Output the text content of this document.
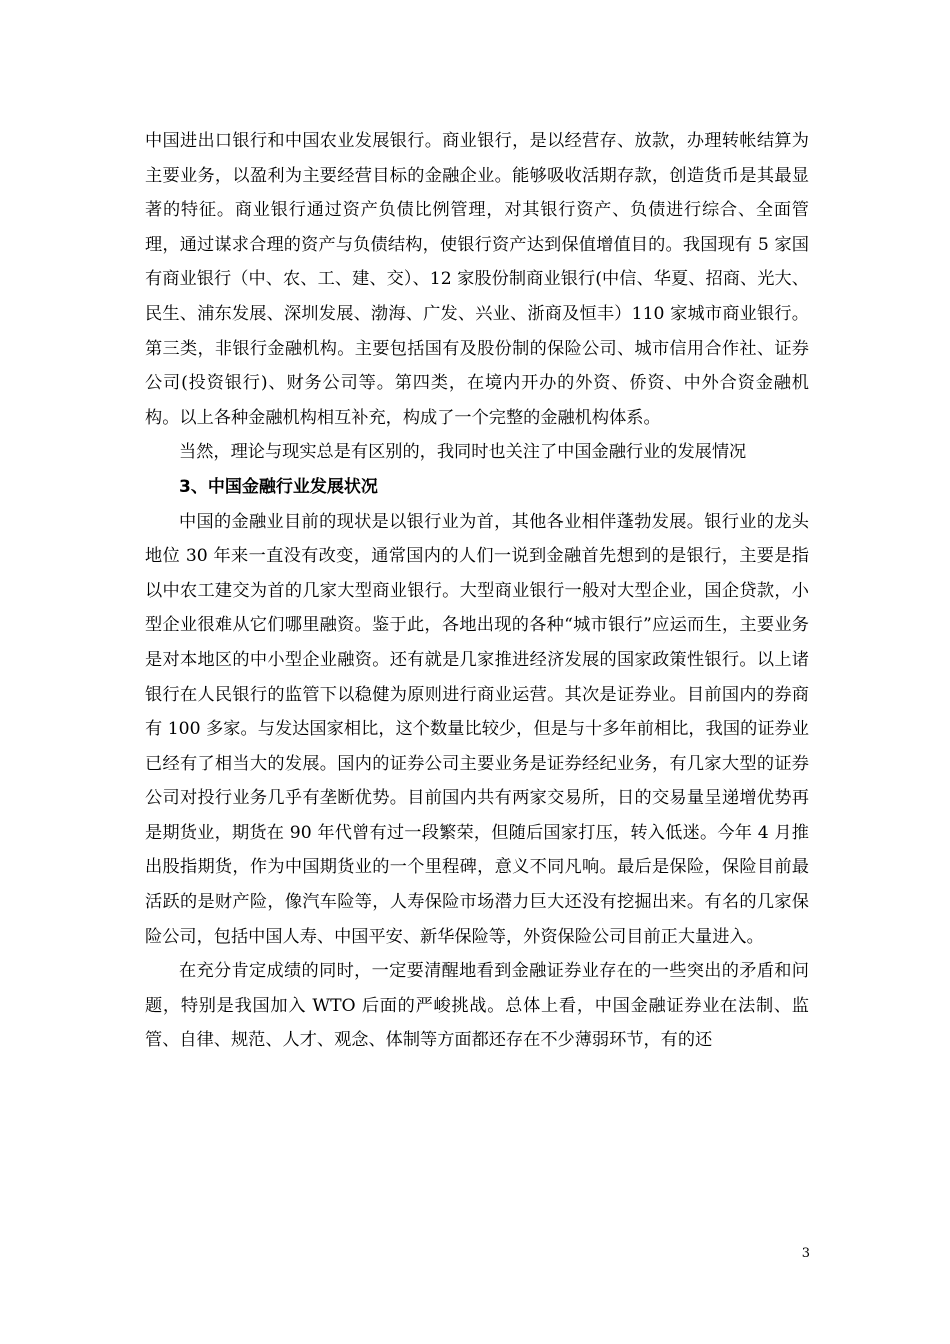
中国进出口银行和中国农业发展银行。商业银行，是以经营存、放款，办理转帐结算为主要业务，以盈利为主要经营目标的金融企业。能够吸收活期存款，创造货币是其最显著的特征。商业银行通过资产负债比例管理，对其银行资产、负债进行综合、全面管理，通过谋求合理的资产与负债结构，使银行资产达到保值增值目的。我国现有 5 家国有商业银行（中、农、工、建、交）、12 家股份制商业银行(中信、华夏、招商、光大、民生、浦东发展、深圳发展、渤海、广发、兴业、浙商及恒丰）110 家城市商业银行。第三类，非银行金融机构。主要包括国有及股份制的保险公司、城市信用合作社、证券公司(投资银行)、财务公司等。第四类，在境内开办的外资、侨资、中外合资金融机构。以上各种金融机构相互补充，构成了一个完整的金融机构体系。

当然，理论与现实总是有区别的，我同时也关注了中国金融行业的发展情况

3、中国金融行业发展状况

中国的金融业目前的现状是以银行业为首，其他各业相伴蓬勃发展。银行业的龙头地位 30 年来一直没有改变，通常国内的人们一说到金融首先想到的是银行，主要是指以中农工建交为首的几家大型商业银行。大型商业银行一般对大型企业，国企贷款，小型企业很难从它们哪里融资。鉴于此，各地出现的各种“城市银行”应运而生，主要业务是对本地区的中小型企业融资。还有就是几家推进经济发展的国家政策性银行。以上诸银行在人民银行的监管下以稳健为原则进行商业运营。其次是证券业。目前国内的券商有 100 多家。与发达国家相比，这个数量比较少，但是与十多年前相比，我国的证券业已经有了相当大的发展。国内的证券公司主要业务是证券经纪业务，有几家大型的证券公司对投行业务几乎有垄断优势。目前国内共有两家交易所，日的交易量呈递增优势再是期货业，期货在 90 年代曾有过一段繁荣，但随后国家打压，转入低迷。今年 4 月推出股指期货，作为中国期货业的一个里程碑，意义不同凡响。最后是保险，保险目前最活跃的是财产险，像汽车险等，人寿保险市场潜力巨大还没有挖掘出来。有名的几家保险公司，包括中国人寿、中国平安、新华保险等，外资保险公司目前正大量进入。

在充分肯定成绩的同时，一定要清醒地看到金融证券业存在的一些突出的矛盾和问题，特别是我国加入 WTO 后面的严峻挑战。总体上看，中国金融证券业在法制、监管、自律、规范、人才、观念、体制等方面都还存在不少薄弱环节，有的还

3
